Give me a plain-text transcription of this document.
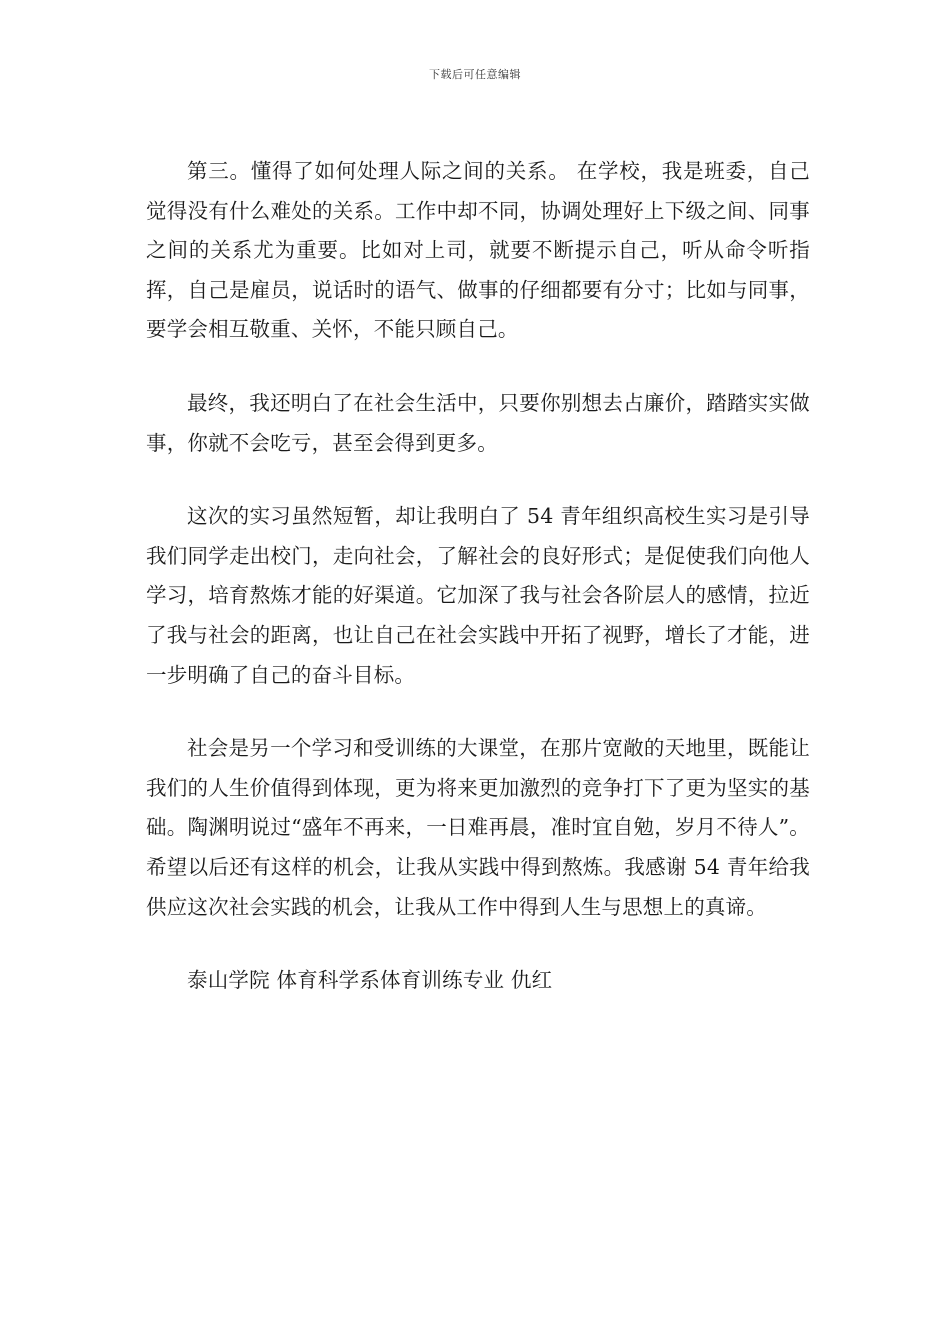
下载后可任意编辑

第三。懂得了如何处理人际之间的关系。 在学校，我是班委，自己觉得没有什么难处的关系。工作中却不同，协调处理好上下级之间、同事之间的关系尤为重要。比如对上司，就要不断提示自己，听从命令听指挥，自己是雇员，说话时的语气、做事的仔细都要有分寸；比如与同事，要学会相互敬重、关怀，不能只顾自己。

最终，我还明白了在社会生活中，只要你别想去占廉价，踏踏实实做事，你就不会吃亏，甚至会得到更多。

这次的实习虽然短暂，却让我明白了 54 青年组织高校生实习是引导我们同学走出校门，走向社会，了解社会的良好形式；是促使我们向他人学习，培育熬炼才能的好渠道。它加深了我与社会各阶层人的感情，拉近了我与社会的距离，也让自己在社会实践中开拓了视野，增长了才能，进一步明确了自己的奋斗目标。

社会是另一个学习和受训练的大课堂，在那片宽敞的天地里，既能让我们的人生价值得到体现，更为将来更加激烈的竞争打下了更为坚实的基础。陶渊明说过“盛年不再来，一日难再晨，准时宜自勉，岁月不待人”。希望以后还有这样的机会，让我从实践中得到熬炼。我感谢 54 青年给我供应这次社会实践的机会，让我从工作中得到人生与思想上的真谛。

泰山学院 体育科学系体育训练专业 仇红
